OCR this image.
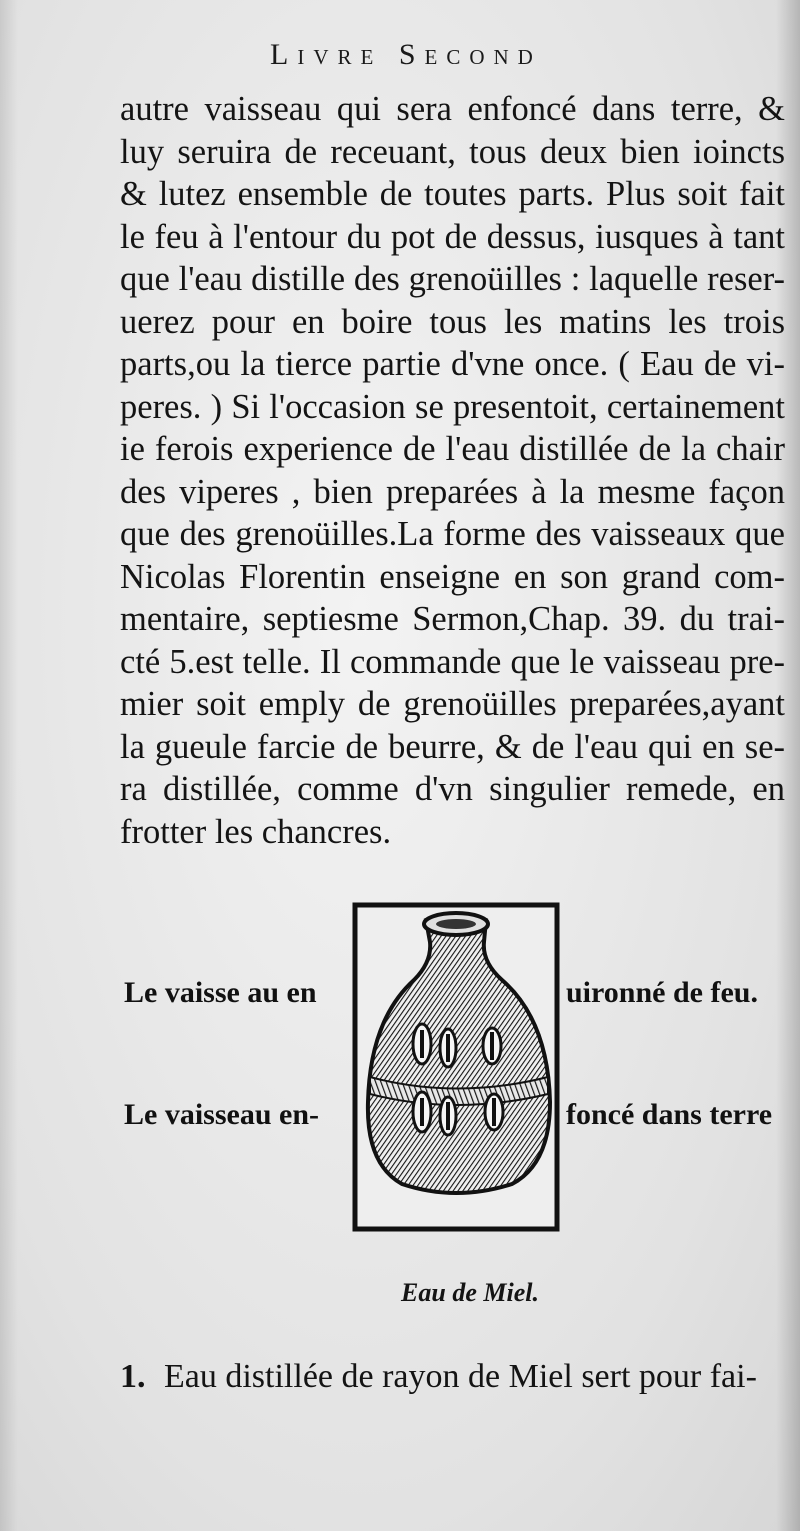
Livre Second
autre vaisseau qui sera enfoncé dans terre, &
luy seruira de receuant, tous deux bien ioincts
& lutez ensemble de toutes parts. Plus soit fait
le feu à l'entour du pot de dessus, iusques à tant
que l'eau distille des grenoüilles : laquelle reser-
uerez pour en boire tous les matins les trois
parts,ou la tierce partie d'vne once. ( Eau de vi-
peres. ) Si l'occasion se presentoit, certainement
ie ferois experience de l'eau distillée de la chair
des viperes , bien preparées à la mesme façon
que des grenoüilles.La forme des vaisseaux que
Nicolas Florentin enseigne en son grand com-
mentaire, septiesme Sermon,Chap. 39. du trai-
cté 5.est telle. Il commande que le vaisseau pre-
mier soit emply de grenoüilles preparées,ayant
la gueule farcie de beurre, & de l'eau qui en se-
ra distillée, comme d'vn singulier remede, en
frotter les chancres.
Le vaisse au en	uironné de feu.
Le vaisseau en-	foncé dans terre
Eau de Miel.
1. Eau distillée de rayon de Miel sert pour fai-
